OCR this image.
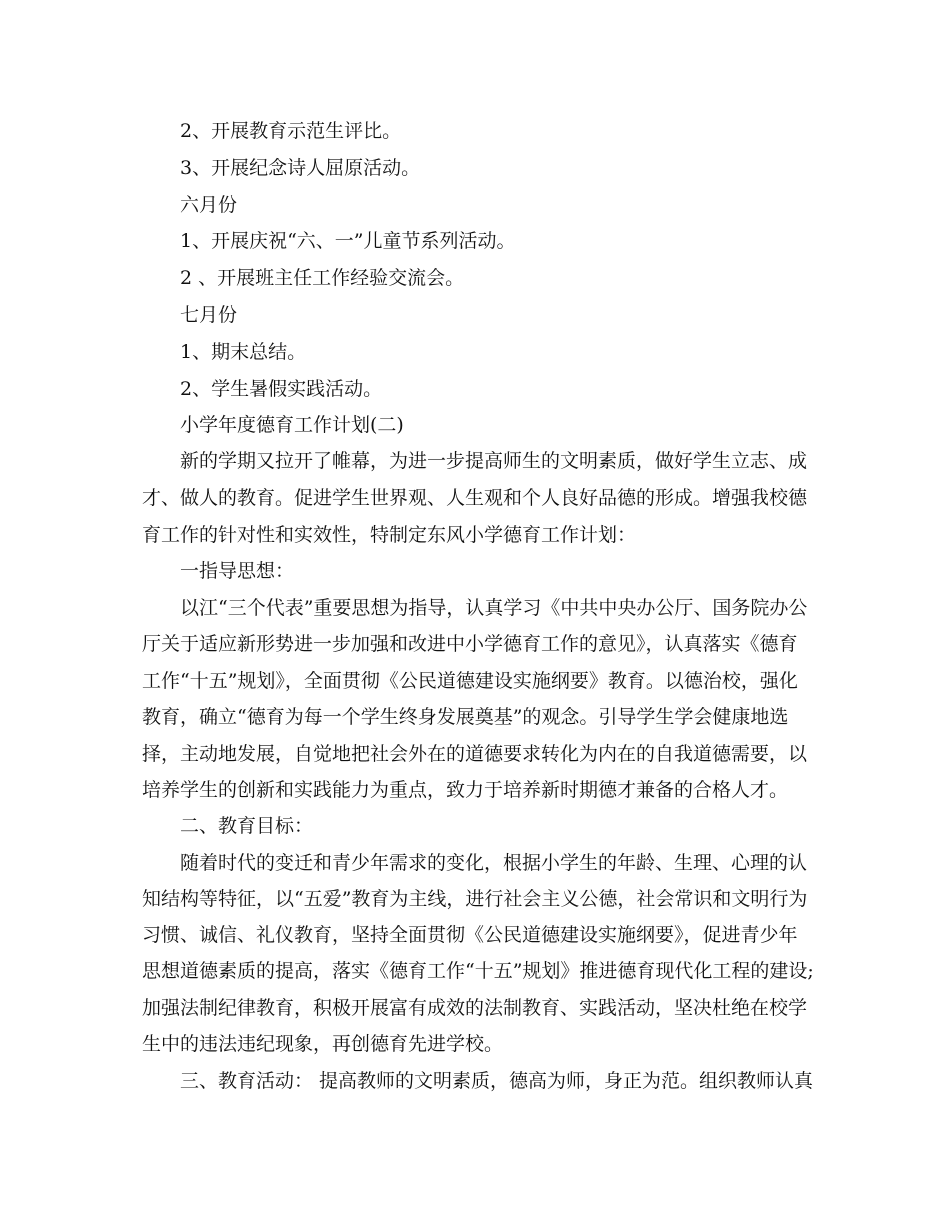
2、开展教育示范生评比。
3、开展纪念诗人屈原活动。
六月份
1、开展庆祝“六、一”儿童节系列活动。
2 、开展班主任工作经验交流会。
七月份
1、期末总结。
2、学生暑假实践活动。
小学年度德育工作计划(二)
新的学期又拉开了帷幕，为进一步提高师生的文明素质，做好学生立志、成
才、做人的教育。促进学生世界观、人生观和个人良好品德的形成。增强我校德
育工作的针对性和实效性，特制定东风小学德育工作计划：
一指导思想：
以江“三个代表”重要思想为指导，认真学习《中共中央办公厅、国务院办公
厅关于适应新形势进一步加强和改进中小学德育工作的意见》，认真落实《德育
工作“十五”规划》，全面贯彻《公民道德建设实施纲要》教育。以德治校，强化
教育，确立“德育为每一个学生终身发展奠基”的观念。引导学生学会健康地选
择，主动地发展，自觉地把社会外在的道德要求转化为内在的自我道德需要，以
培养学生的创新和实践能力为重点，致力于培养新时期德才兼备的合格人才。
二、教育目标：
随着时代的变迁和青少年需求的变化，根据小学生的年龄、生理、心理的认
知结构等特征，以“五爱”教育为主线，进行社会主义公德，社会常识和文明行为
习惯、诚信、礼仪教育，坚持全面贯彻《公民道德建设实施纲要》，促进青少年
思想道德素质的提高，落实《德育工作“十五”规划》推进德育现代化工程的建设;
加强法制纪律教育，积极开展富有成效的法制教育、实践活动，坚决杜绝在校学
生中的违法违纪现象，再创德育先进学校。
三、教育活动： 提高教师的文明素质，德高为师，身正为范。组织教师认真
